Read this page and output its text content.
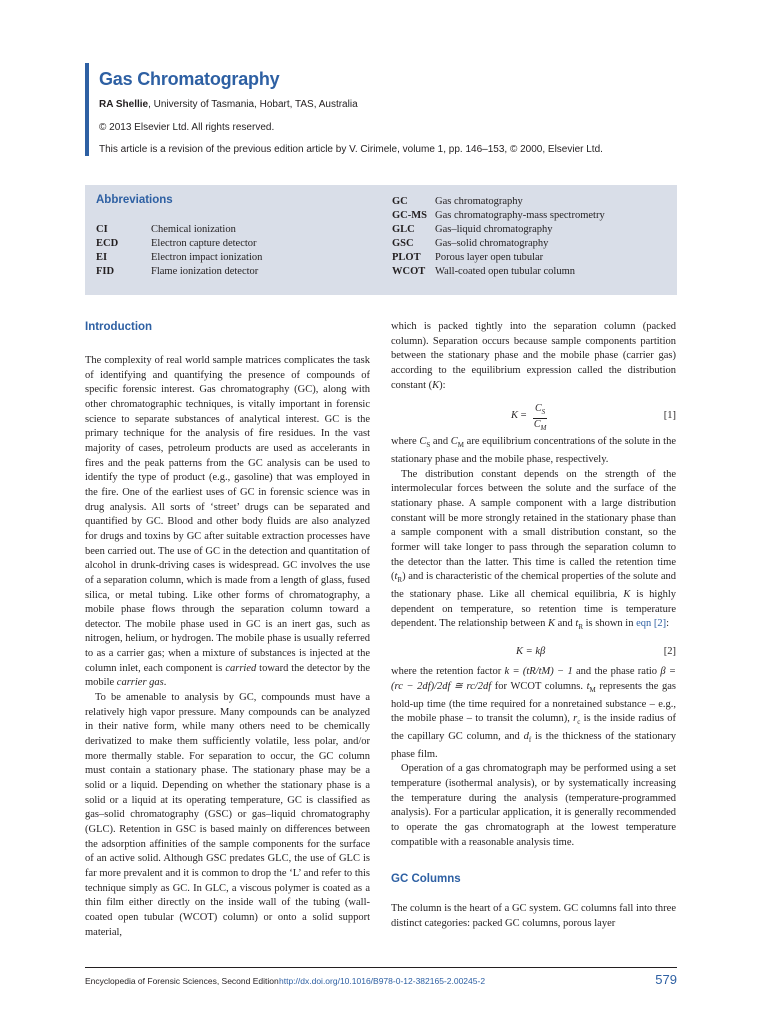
Gas Chromatography
RA Shellie, University of Tasmania, Hobart, TAS, Australia
© 2013 Elsevier Ltd. All rights reserved.
This article is a revision of the previous edition article by V. Cirimele, volume 1, pp. 146–153, © 2000, Elsevier Ltd.
Abbreviations
CI	Chemical ionization
ECD	Electron capture detector
EI	Electron impact ionization
FID	Flame ionization detector
GC	Gas chromatography
GC-MS Gas chromatography-mass spectrometry
GLC Gas–liquid chromatography
GSC Gas–solid chromatography
PLOT Porous layer open tubular
WCOT Wall-coated open tubular column
Introduction

The complexity of real world sample matrices complicates the task of identifying and quantifying the presence of compounds of specific forensic interest. Gas chromatography (GC), along with other chromatographic techniques, is vitally important in forensic science to separate substances of analytical interest. GC is the primary technique for the analysis of fire residues. In the vast majority of cases, petroleum products are used as accelerants in fires and the peak patterns from the GC analysis can be used to identify the type of product (e.g., gasoline) that was employed in the fire. One of the earliest uses of GC in forensic science was in drug analysis. All sorts of ‘street’ drugs can be separated and quantified by GC. Blood and other body fluids are also analyzed for drugs and toxins by GC after suitable extraction processes have been carried out. The use of GC in the detection and quantitation of alcohol in drunk-driving cases is widespread. GC involves the use of a separation column, which is made from a length of glass, fused silica, or metal tubing. Like other forms of chromatography, a mobile phase flows through the separation column toward a detector. The mobile phase used in GC is an inert gas, such as nitrogen, helium, or hydrogen. The mobile phase is usually referred to as a carrier gas; when a mixture of substances is injected at the column inlet, each component is carried toward the detector by the mobile carrier gas.

To be amenable to analysis by GC, compounds must have a relatively high vapor pressure. Many compounds can be analyzed in their native form, while many others need to be chemically derivatized to make them sufficiently volatile, less polar, and/or more thermally stable. For separation to occur, the GC column must contain a stationary phase. The stationary phase may be a solid or a liquid. Depending on whether the stationary phase is a solid or a liquid at its operating temperature, GC is classified as gas–solid chromatography (GSC) or gas–liquid chromatography (GLC). Retention in GSC is based mainly on differences between the adsorption affinities of the sample components for the surface of an active solid. Although GSC predates GLC, the use of GLC is far more prevalent and it is common to drop the ‘L’ and refer to this technique simply as GC. In GLC, a viscous polymer is coated as a thin film either directly on the inside wall of the tubing (wall-coated open tubular (WCOT) column) or onto a solid support material,

which is packed tightly into the separation column (packed column). Separation occurs because sample components partition between the stationary phase and the mobile phase (carrier gas) according to the equilibrium expression called the distribution constant (K):

$K = \frac{C_S}{C_M}$	[1]

where $C_S$ and $C_M$ are equilibrium concentrations of the solute in the stationary phase and the mobile phase, respectively.

The distribution constant depends on the strength of the intermolecular forces between the solute and the surface of the stationary phase. A sample component with a large distribution constant will be more strongly retained in the stationary phase than a sample component with a small distribution constant, so the former will take longer to pass through the separation column to the detector than the latter. This time is called the retention time $(t_R)$ and is characteristic of the chemical properties of the solute and the stationary phase. Like all chemical equilibria, K is highly dependent on temperature, so retention time is temperature dependent. The relationship between K and $t_R$ is shown in eqn [2]:

K = kβ	[2]

where the retention factor k = (tR/tM) − 1 and the phase ratio β = (rc − 2df)/2df ≅ rc/2df for WCOT columns. $t_M$ represents the gas hold-up time (the time required for a nonretained substance – e.g., the mobile phase – to transit the column), $r_c$ is the inside radius of the capillary GC column, and $d_f$ is the thickness of the stationary phase film.

Operation of a gas chromatograph may be performed using a set temperature (isothermal analysis), or by systematically increasing the temperature during the analysis (temperature-programmed analysis). For a particular application, it is generally recommended to operate the gas chromatograph at the lowest temperature compatible with a reasonable analysis time.

GC Columns

The column is the heart of a GC system. GC columns fall into three distinct categories: packed GC columns, porous layer

Encyclopedia of Forensic Sciences, Second Edition http://dx.doi.org/10.1016/B978-0-12-382165-2.00245-2	579
